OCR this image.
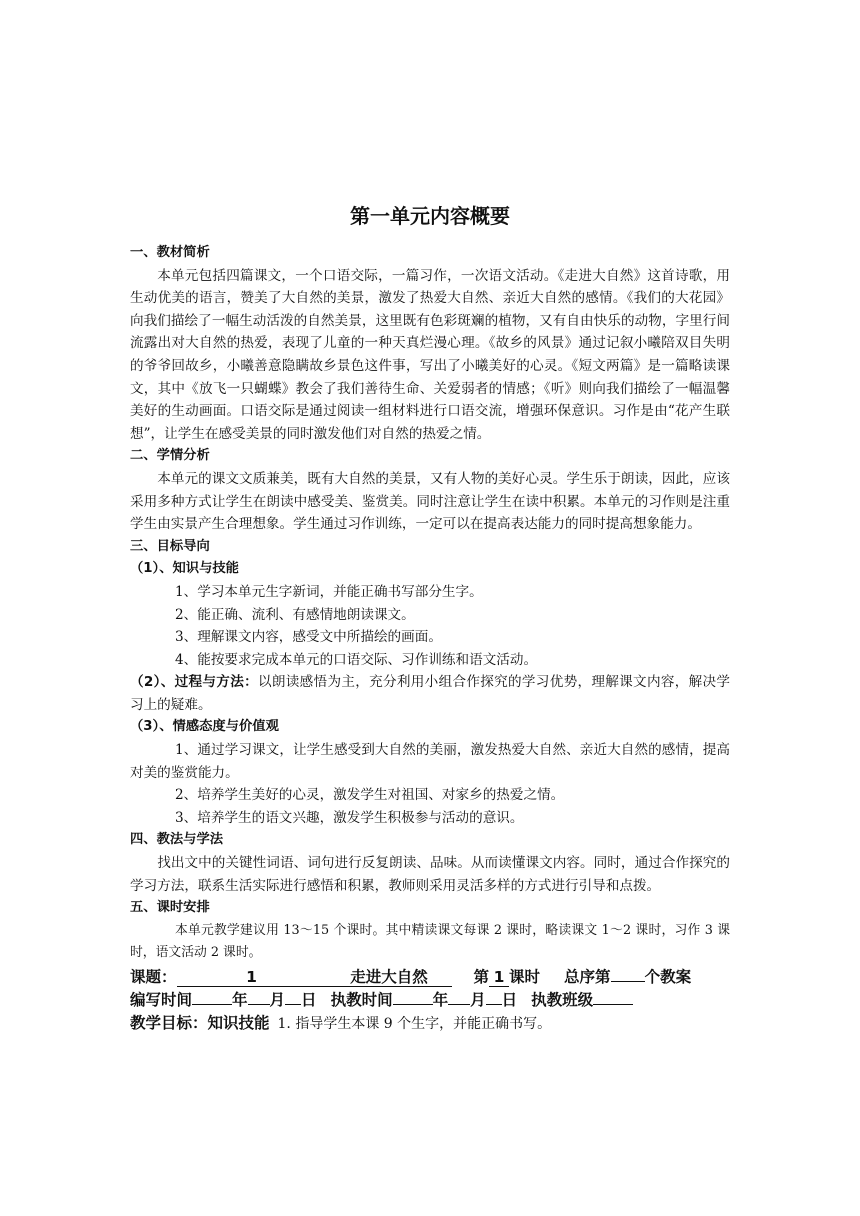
第一单元内容概要
一、教材简析
本单元包括四篇课文，一个口语交际，一篇习作，一次语文活动。《走进大自然》这首诗歌，用生动优美的语言，赞美了大自然的美景，激发了热爱大自然、亲近大自然的感情。《我们的大花园》向我们描绘了一幅生动活泼的自然美景，这里既有色彩斑斓的植物，又有自由快乐的动物，字里行间流露出对大自然的热爱，表现了儿童的一种天真烂漫心理。《故乡的风景》通过记叙小曦陪双目失明的爷爷回故乡，小曦善意隐瞒故乡景色这件事，写出了小曦美好的心灵。《短文两篇》是一篇略读课文，其中《放飞一只蝴蝶》教会了我们善待生命、关爱弱者的情感；《听》则向我们描绘了一幅温馨美好的生动画面。口语交际是通过阅读一组材料进行口语交流，增强环保意识。习作是由“花产生联想”，让学生在感受美景的同时激发他们对自然的热爱之情。
二、学情分析
本单元的课文文质兼美，既有大自然的美景，又有人物的美好心灵。学生乐于朗读，因此，应该采用多种方式让学生在朗读中感受美、鉴赏美。同时注意让学生在读中积累。本单元的习作则是注重学生由实景产生合理想象。学生通过习作训练，一定可以在提高表达能力的同时提高想象能力。
三、目标导向
（1）、知识与技能
1、学习本单元生字新词，并能正确书写部分生字。
2、能正确、流利、有感情地朗读课文。
3、理解课文内容，感受文中所描绘的画面。
4、能按要求完成本单元的口语交际、习作训练和语文活动。
（2）、过程与方法：以朗读感悟为主，充分利用小组合作探究的学习优势，理解课文内容，解决学习上的疑难。
（3）、情感态度与价值观
1、通过学习课文，让学生感受到大自然的美丽，激发热爱大自然、亲近大自然的感情，提高对美的鉴赏能力。
2、培养学生美好的心灵，激发学生对祖国、对家乡的热爱之情。
3、培养学生的语文兴趣，激发学生积极参与活动的意识。
四、教法与学法
找出文中的关键性词语、词句进行反复朗读、品味。从而读懂课文内容。同时，通过合作探究的学习方法，联系生活实际进行感悟和积累，教师则采用灵活多样的方式进行引导和点拨。
五、课时安排
本单元教学建议用 13～15 个课时。其中精读课文每课 2 课时，略读课文 1～2 课时，习作 3 课时，语文活动 2 课时。
课题：	1	走进大自然	第 1 课时 总序第 个教案
编写时间	年 月 日 执教时间	年 月 日 执教班级
教学目标：知识技能 1. 指导学生本课 9 个生字，并能正确书写。
